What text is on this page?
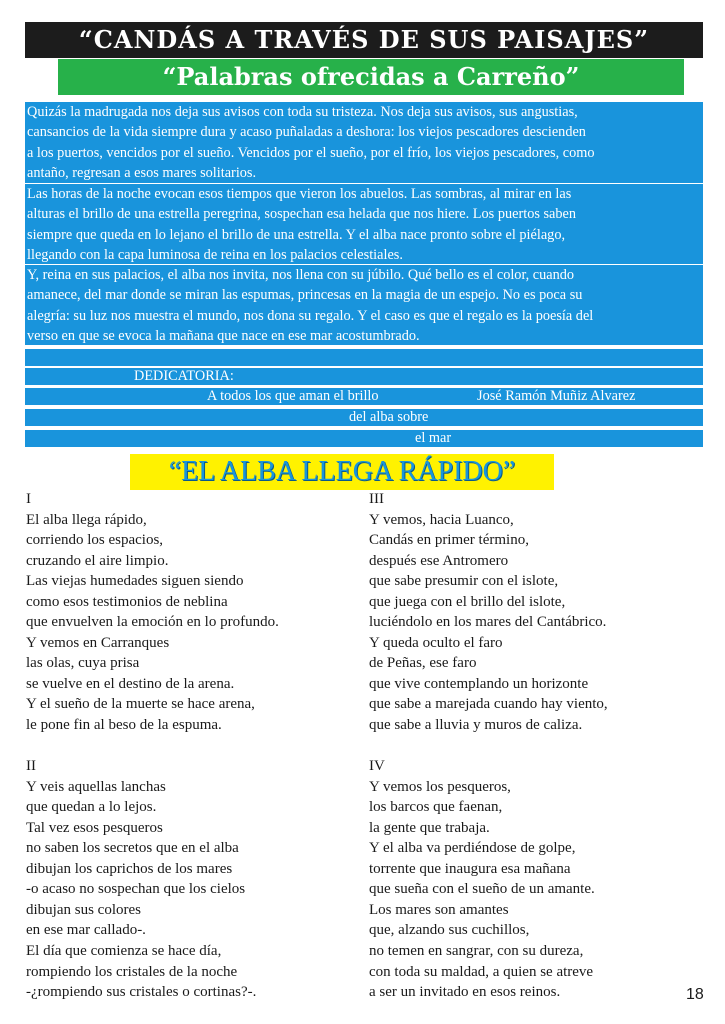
“CANDÁS A TRAVÉS DE SUS PAISAJES”
“Palabras ofrecidas a Carreño”
Quizás la madrugada nos deja sus avisos con toda su tristeza. Nos deja sus avisos, sus angustias,
cansancios de la vida siempre dura y acaso puñaladas a deshora: los viejos pescadores descienden
a los puertos, vencidos por el sueño. Vencidos por el sueño, por el frío, los viejos pescadores, como
antaño, regresan a esos mares solitarios.
Las horas de la noche evocan esos tiempos que vieron los abuelos. Las sombras, al mirar en las
alturas el brillo de una estrella peregrina, sospechan esa helada que nos hiere. Los puertos saben
siempre que queda en lo lejano el brillo de una estrella. Y el alba nace pronto sobre el piélago,
llegando con la capa luminosa de reina en los palacios celestiales.
Y, reina en sus palacios, el alba nos invita, nos llena con su júbilo. Qué bello es el color, cuando
amanece, del mar donde se miran las espumas, princesas en la magia de un espejo. No es poca su
alegría: su luz nos muestra el mundo, nos dona su regalo. Y el caso es que el regalo es la poesía del
verso en que se evoca la mañana que nace en ese mar acostumbrado.
DEDICATORIA:
A todos los que aman el brillo	José Ramón Muñiz Alvarez
del alba sobre
el mar
“EL ALBA LLEGA RÁPIDO”
I
El alba llega rápido,
corriendo los espacios,
cruzando el aire limpio.
Las viejas humedades siguen siendo
como esos testimonios de neblina
que envuelven la emoción en lo profundo.
Y vemos en Carranques
las olas, cuya prisa
se vuelve en el destino de la arena.
Y el sueño de la muerte se hace arena,
le pone fin al beso de la espuma.
II
Y veis aquellas lanchas
que quedan a lo lejos.
Tal vez esos pesqueros
no saben los secretos que en el alba
dibujan los caprichos de los mares
-o acaso no sospechan que los cielos
dibujan sus colores
en ese mar callado-.
El día que comienza se hace día,
rompiendo los cristales de la noche
-¿rompiendo sus cristales o cortinas?-.
III
Y vemos, hacia Luanco,
Candás en primer término,
después ese Antromero
que sabe presumir con el islote,
que juega con el brillo del islote,
luciéndolo en los mares del Cantábrico.
Y queda oculto el faro
de Peñas, ese faro
que vive contemplando un horizonte
que sabe a marejada cuando hay viento,
que sabe a lluvia y muros de caliza.
IV
Y vemos los pesqueros,
los barcos que faenan,
la gente que trabaja.
Y el alba va perdiéndose de golpe,
torrente que inaugura esa mañana
que sueña con el sueño de un amante.
Los mares son amantes
que, alzando sus cuchillos,
no temen en sangrar, con su dureza,
con toda su maldad, a quien se atreve
a ser un invitado en esos reinos.	18
